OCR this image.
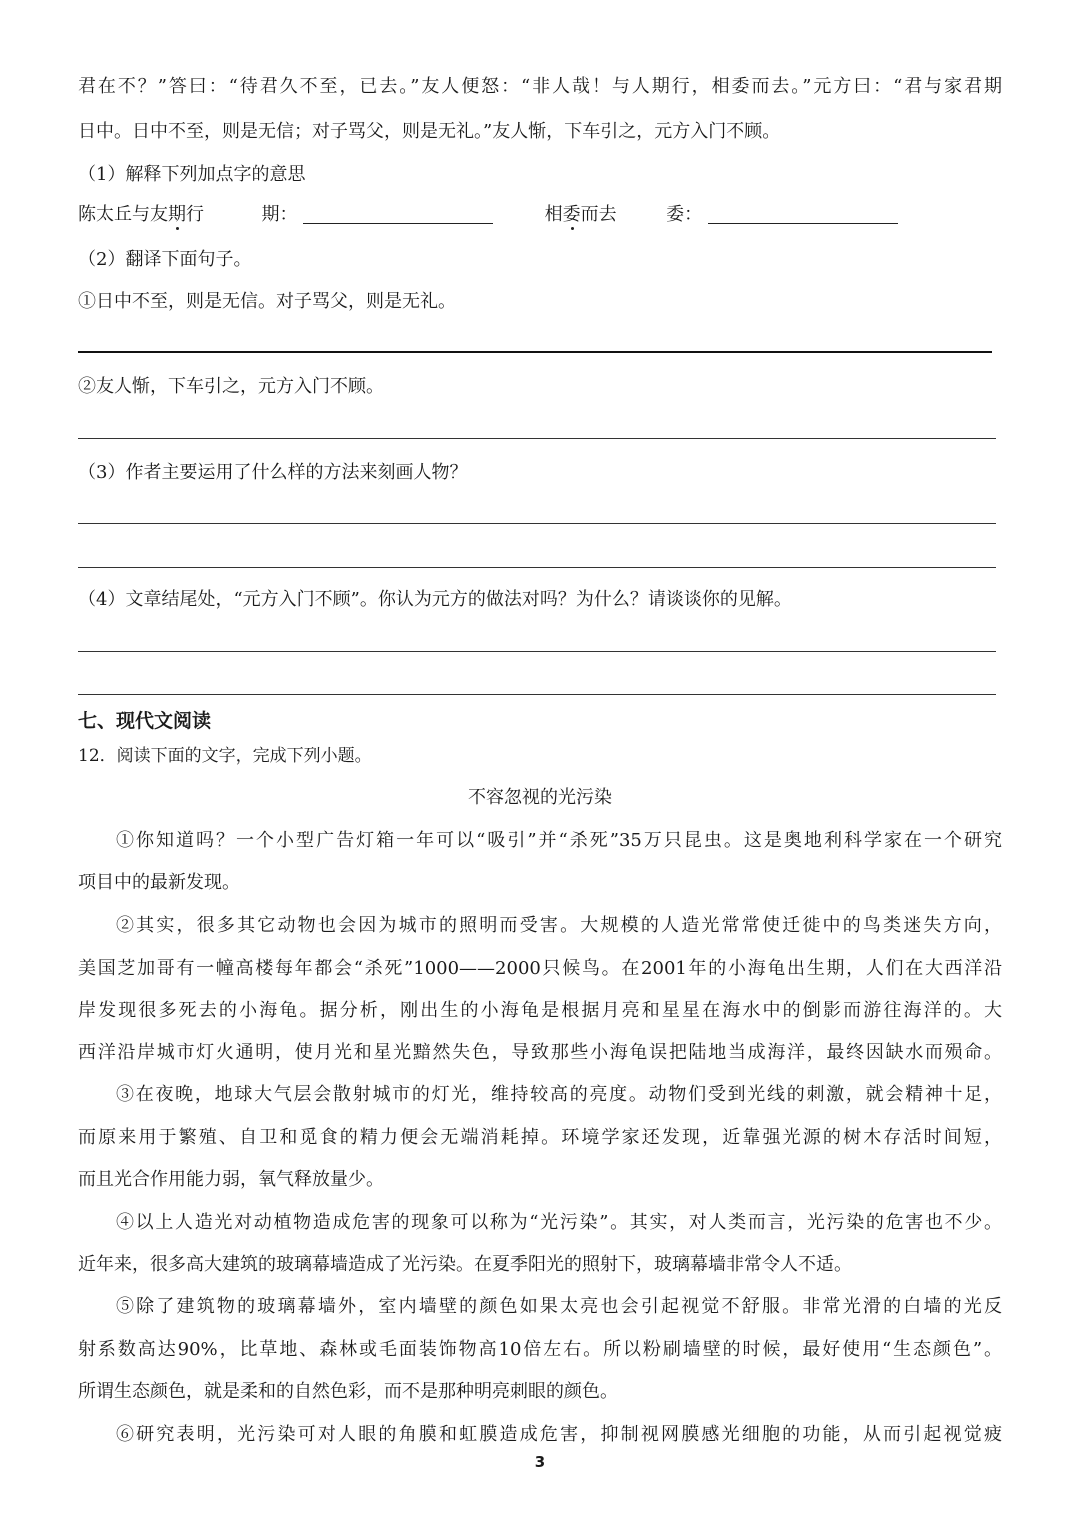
君在不？”答曰：“待君久不至，已去。”友人便怒：“非人哉！与人期行，相委而去。”元方曰：“君与家君期
日中。日中不至，则是无信；对子骂父，则是无礼。”友人惭，下车引之，元方入门不顾。
（1）解释下列加点字的意思
陈太丘与友期行	期：	相委而去	委：
（2）翻译下面句子。
①日中不至，则是无信。对子骂父，则是无礼。
②友人惭，下车引之，元方入门不顾。
（3）作者主要运用了什么样的方法来刻画人物？
（4）文章结尾处，“元方入门不顾”。你认为元方的做法对吗？为什么？请谈谈你的见解。
七、现代文阅读
12．阅读下面的文字，完成下列小题。
不容忽视的光污染
①你知道吗？一个小型广告灯箱一年可以“吸引”并“杀死”35万只昆虫。这是奥地利科学家在一个研究
项目中的最新发现。
②其实，很多其它动物也会因为城市的照明而受害。大规模的人造光常常使迁徙中的鸟类迷失方向，
美国芝加哥有一幢高楼每年都会“杀死”1000——2000只候鸟。在2001年的小海龟出生期，人们在大西洋沿
岸发现很多死去的小海龟。据分析，刚出生的小海龟是根据月亮和星星在海水中的倒影而游往海洋的。大
西洋沿岸城市灯火通明，使月光和星光黯然失色，导致那些小海龟误把陆地当成海洋，最终因缺水而殒命。
③在夜晚，地球大气层会散射城市的灯光，维持较高的亮度。动物们受到光线的刺激，就会精神十足，
而原来用于繁殖、自卫和觅食的精力便会无端消耗掉。环境学家还发现，近靠强光源的树木存活时间短，
而且光合作用能力弱，氧气释放量少。
④以上人造光对动植物造成危害的现象可以称为“光污染”。其实，对人类而言，光污染的危害也不少。
近年来，很多高大建筑的玻璃幕墙造成了光污染。在夏季阳光的照射下，玻璃幕墙非常令人不适。
⑤除了建筑物的玻璃幕墙外，室内墙壁的颜色如果太亮也会引起视觉不舒服。非常光滑的白墙的光反
射系数高达90%，比草地、森林或毛面装饰物高10倍左右。所以粉刷墙壁的时候，最好使用“生态颜色”。
所谓生态颜色，就是柔和的自然色彩，而不是那种明亮刺眼的颜色。
⑥研究表明，光污染可对人眼的角膜和虹膜造成危害，抑制视网膜感光细胞的功能，从而引起视觉疲
3
